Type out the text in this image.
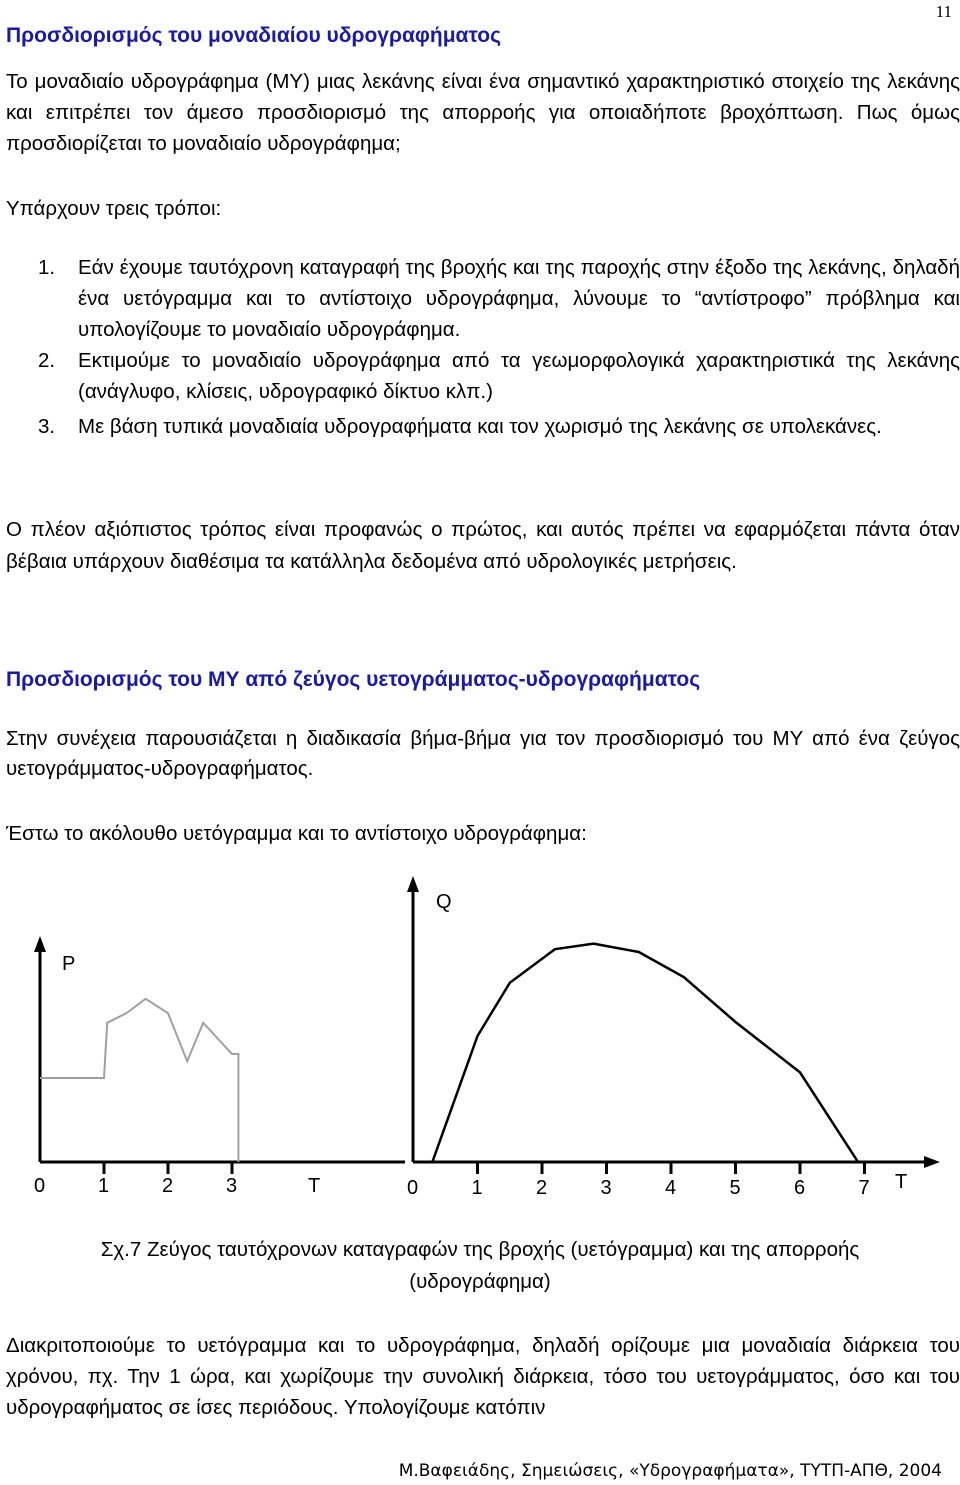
11
Προσδιορισμός του μοναδιαίου υδρογραφήματος
Το μοναδιαίο υδρογράφημα (ΜΥ) μιας λεκάνης είναι ένα σημαντικό χαρακτηριστικό στοιχείο της λεκάνης και επιτρέπει τον άμεσο προσδιορισμό της απορροής για οποιαδήποτε βροχόπτωση. Πως όμως προσδιορίζεται το μοναδιαίο υδρογράφημα;
Υπάρχουν τρεις τρόποι:
1. Εάν έχουμε ταυτόχρονη καταγραφή της βροχής και της παροχής στην έξοδο της λεκάνης, δηλαδή ένα υετόγραμμα και το αντίστοιχο υδρογράφημα, λύνουμε το “αντίστροφο” πρόβλημα και υπολογίζουμε το μοναδιαίο υδρογράφημα.
2. Εκτιμούμε το μοναδιαίο υδρογράφημα από τα γεωμορφολογικά χαρακτηριστικά της λεκάνης (ανάγλυφο, κλίσεις, υδρογραφικό δίκτυο κλπ.)
3. Με βάση τυπικά μοναδιαία υδρογραφήματα και τον χωρισμό της λεκάνης σε υπολεκάνες.
Ο πλέον αξιόπιστος τρόπος είναι προφανώς ο πρώτος, και αυτός πρέπει να εφαρμόζεται πάντα όταν βέβαια υπάρχουν διαθέσιμα τα κατάλληλα δεδομένα από υδρολογικές μετρήσεις.
Προσδιορισμός του ΜΥ από ζεύγος υετογράμματος-υδρογραφήματος
Στην συνέχεια παρουσιάζεται η διαδικασία βήμα-βήμα για τον προσδιορισμό του ΜΥ από ένα ζεύγος υετογράμματος-υδρογραφήματος.
Έστω το ακόλουθο υετόγραμμα και το αντίστοιχο υδρογράφημα:
P
0	1	2	3	T
Q
0	1	2	3	4	5	6	7 T
Σχ.7 Ζεύγος ταυτόχρονων καταγραφών της βροχής (υετόγραμμα) και της απορροής
(υδρογράφημα)
Διακριτοποιούμε το υετόγραμμα και το υδρογράφημα, δηλαδή ορίζουμε μια μοναδιαία διάρκεια του χρόνου, πχ. Την 1 ώρα, και χωρίζουμε την συνολική διάρκεια, τόσο του υετογράμματος, όσο και του υδρογραφήματος σε ίσες περιόδους. Υπολογίζουμε κατόπιν
Μ.Βαφειάδης, Σημειώσεις, «Υδρογραφήματα», ΤΥΤΠ-ΑΠΘ, 2004
